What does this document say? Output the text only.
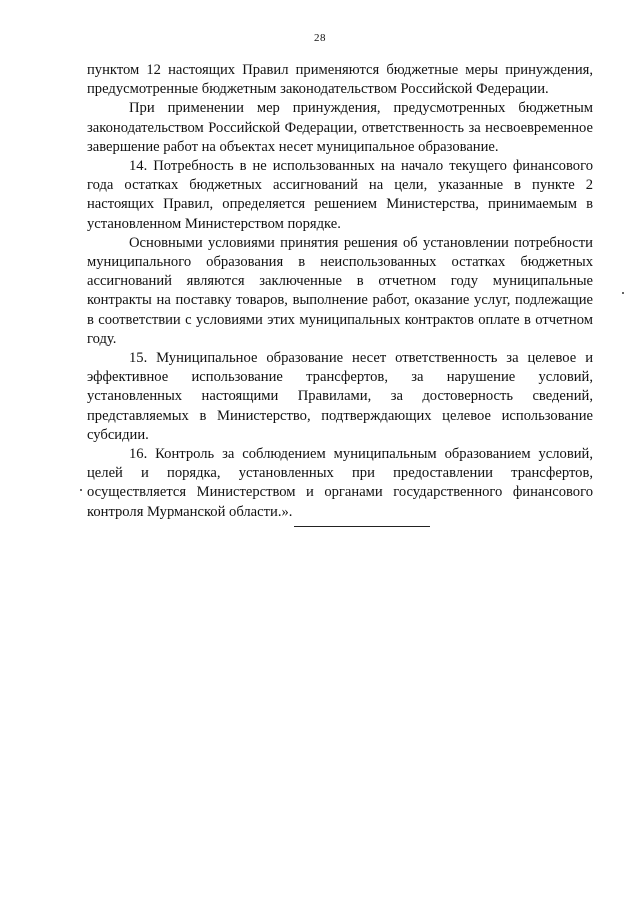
28

пунктом 12 настоящих Правил применяются бюджетные меры принуждения, предусмотренные бюджетным законодательством Российской Федерации.

При применении мер принуждения, предусмотренных бюджетным законодательством Российской Федерации, ответственность за несвоевременное завершение работ на объектах несет муниципальное образование.

14. Потребность в не использованных на начало текущего финансового года остатках бюджетных ассигнований на цели, указанные в пункте 2 настоящих Правил, определяется решением Министерства, принимаемым в установленном Министерством порядке.

Основными условиями принятия решения об установлении потребности муниципального образования в неиспользованных остатках бюджетных ассигнований являются заключенные в отчетном году муниципальные контракты на поставку товаров, выполнение работ, оказание услуг, подлежащие в соответствии с условиями этих муниципальных контрактов оплате в отчетном году.

15. Муниципальное образование несет ответственность за целевое и эффективное использование трансфертов, за нарушение условий, установленных настоящими Правилами, за достоверность сведений, представляемых в Министерство, подтверждающих целевое использование субсидии.

16. Контроль за соблюдением муниципальным образованием условий, целей и порядка, установленных при предоставлении трансфертов, осуществляется Министерством и органами государственного финансового контроля Мурманской области.».
